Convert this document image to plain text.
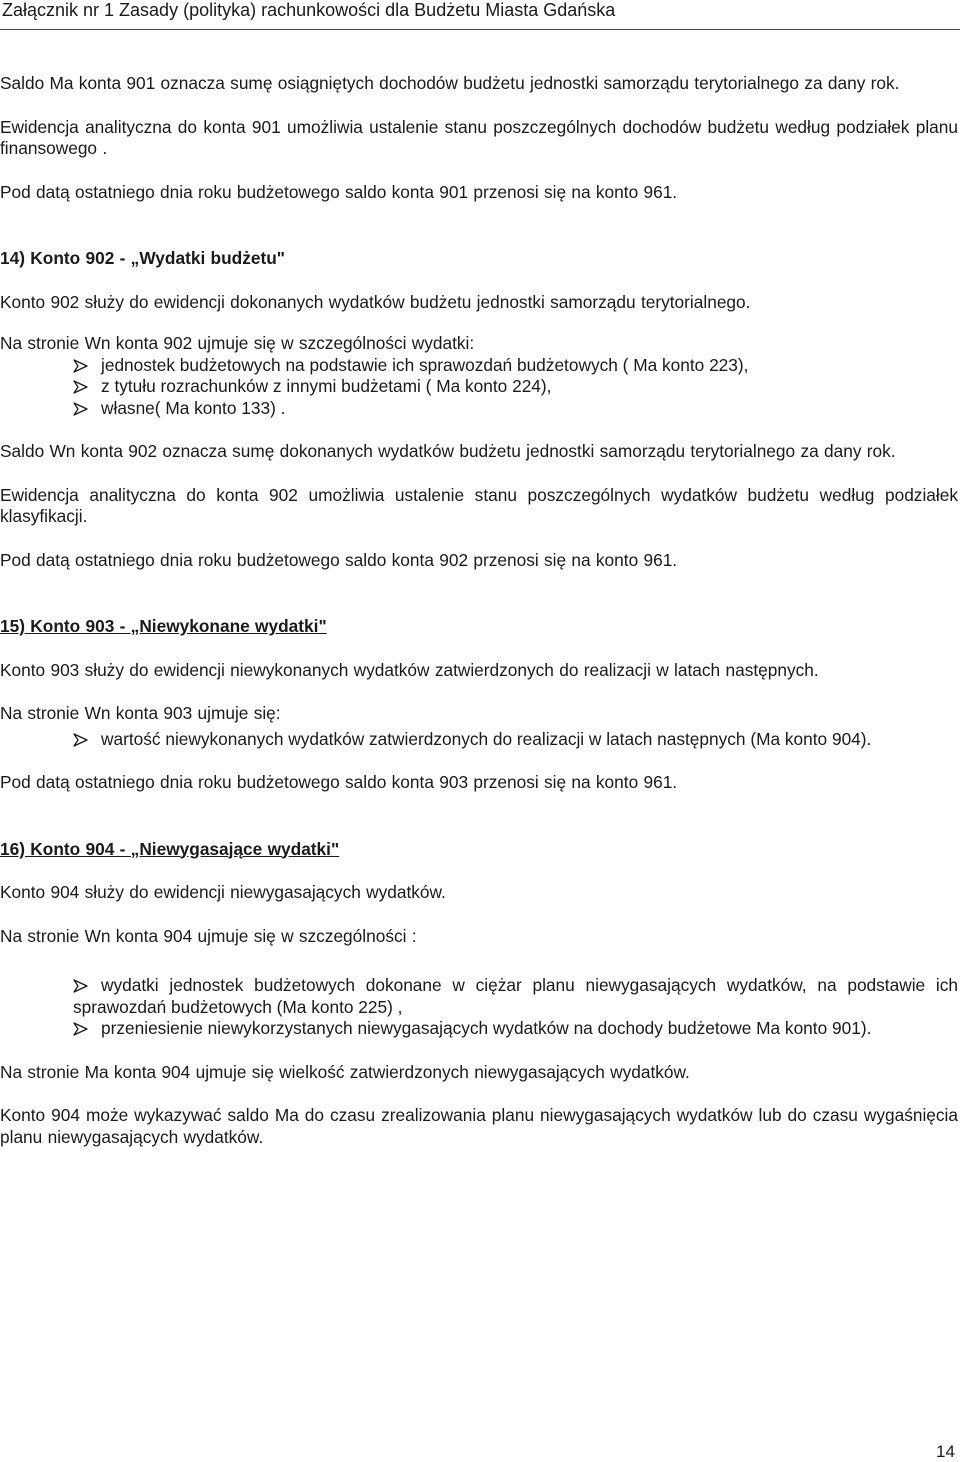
Załącznik nr 1 Zasady (polityka) rachunkowości dla Budżetu Miasta Gdańska

Saldo Ma konta 901 oznacza sumę osiągniętych dochodów budżetu jednostki samorządu terytorialnego za dany rok.

Ewidencja analityczna do konta 901 umożliwia ustalenie stanu poszczególnych dochodów budżetu według podziałek planu finansowego .

Pod datą ostatniego dnia roku budżetowego saldo konta 901 przenosi się na konto 961.

14) Konto 902 - „Wydatki budżetu"

Konto 902 służy do ewidencji dokonanych wydatków budżetu jednostki samorządu terytorialnego.

Na stronie Wn konta 902 ujmuje się w szczególności wydatki:

jednostek budżetowych na podstawie ich sprawozdań budżetowych ( Ma konto 223),
z tytułu rozrachunków z innymi budżetami ( Ma konto 224),
własne( Ma konto 133) .

Saldo Wn konta 902 oznacza sumę dokonanych wydatków budżetu jednostki samorządu terytorialnego za dany rok.

Ewidencja analityczna do konta 902 umożliwia ustalenie stanu poszczególnych wydatków budżetu według podziałek klasyfikacji.

Pod datą ostatniego dnia roku budżetowego saldo konta 902 przenosi się na konto 961.

15) Konto 903 - „Niewykonane wydatki"

Konto 903 służy do ewidencji niewykonanych wydatków zatwierdzonych do realizacji w latach następnych.

Na stronie Wn konta 903 ujmuje się:

wartość niewykonanych wydatków zatwierdzonych do realizacji w latach następnych (Ma konto 904).

Pod datą ostatniego dnia roku budżetowego saldo konta 903 przenosi się na konto 961.

16) Konto 904 - „Niewygasające wydatki"

Konto 904 służy do ewidencji niewygasających wydatków.

Na stronie Wn konta 904 ujmuje się w szczególności :

wydatki jednostek budżetowych dokonane w ciężar planu niewygasających wydatków, na podstawie ich sprawozdań budżetowych (Ma konto 225) ,
przeniesienie niewykorzystanych niewygasających wydatków na dochody budżetowe Ma konto 901).

Na stronie Ma konta 904 ujmuje się wielkość zatwierdzonych niewygasających wydatków.

Konto 904 może wykazywać saldo Ma do czasu zrealizowania planu niewygasających wydatków lub do czasu wygaśnięcia planu niewygasających wydatków.

14
